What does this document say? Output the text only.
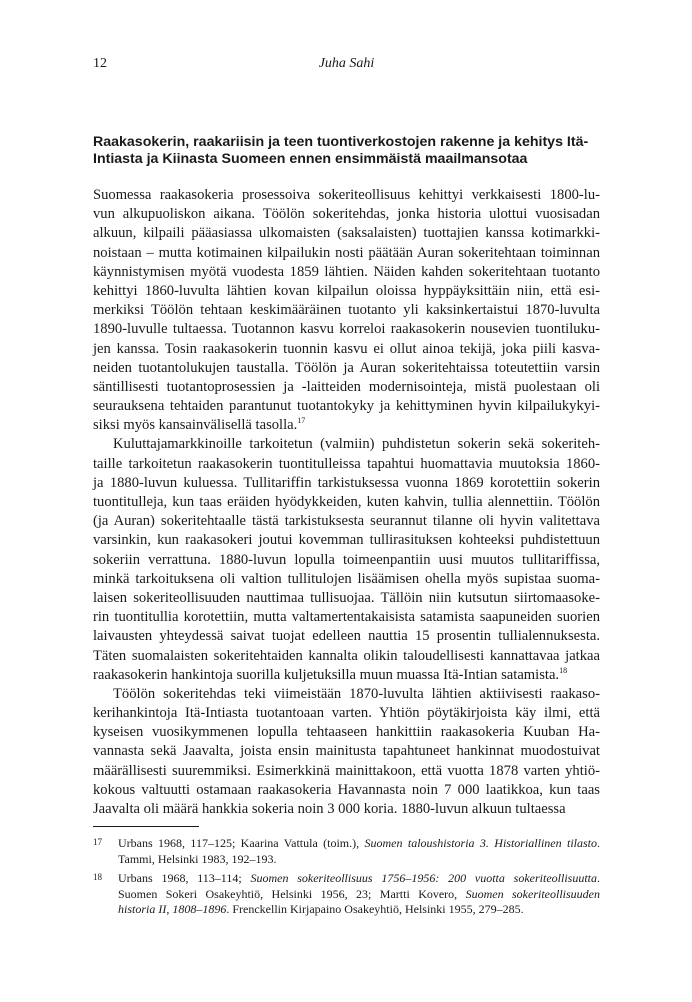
12	Juha Sahi
Raakasokerin, raakariisin ja teen tuontiverkostojen rakenne ja kehitys Itä-
Intiasta ja Kiinasta Suomeen ennen ensimmäistä maailmansotaa
Suomessa raakasokeria prosessoiva sokeriteollisuus kehittyi verkkaisesti 1800-lu-
vun alkupuoliskon aikana. Töölön sokeritehdas, jonka historia ulottui vuosisadan
alkuun, kilpaili pääasiassa ulkomaisten (saksalaisten) tuottajien kanssa kotimarkki-
noistaan – mutta kotimainen kilpailukin nosti päätään Auran sokeritehtaan toiminnan
käynnistymisen myötä vuodesta 1859 lähtien. Näiden kahden sokeritehtaan tuotanto
kehittyi 1860-luvulta lähtien kovan kilpailun oloissa hyppäyksittäin niin, että esi-
merkiksi Töölön tehtaan keskimääräinen tuotanto yli kaksinkertaistui 1870-luvulta
1890-luvulle tultaessa. Tuotannon kasvu korreloi raakasokerin nousevien tuontiluku-
jen kanssa. Tosin raakasokerin tuonnin kasvu ei ollut ainoa tekijä, joka piili kasva-
neiden tuotantolukujen taustalla. Töölön ja Auran sokeritehtaissa toteutettiin varsin
säntillisesti tuotantoprosessien ja -laitteiden modernisointeja, mistä puolestaan oli
seurauksena tehtaiden parantunut tuotantokyky ja kehittyminen hyvin kilpailukykyi-
siksi myös kansainvälisellä tasolla.$^{17}$
Kuluttajamarkkinoille tarkoitetun (valmiin) puhdistetun sokerin sekä sokeriteh-
taille tarkoitetun raakasokerin tuontitulleissa tapahtui huomattavia muutoksia 1860-
ja 1880-luvun kuluessa. Tullitariffin tarkistuksessa vuonna 1869 korotettiin sokerin
tuontitulleja, kun taas eräiden hyödykkeiden, kuten kahvin, tullia alennettiin. Töölön
(ja Auran) sokeritehtaalle tästä tarkistuksesta seurannut tilanne oli hyvin valitettava
varsinkin, kun raakasokeri joutui kovemman tullirasituksen kohteeksi puhdistettuun
sokeriin verrattuna. 1880-luvun lopulla toimeenpantiin uusi muutos tullitariffissa,
minkä tarkoituksena oli valtion tullitulojen lisäämisen ohella myös supistaa suoma-
laisen sokeriteollisuuden nauttimaa tullisuojaa. Tällöin niin kutsutun siirtomaasoke-
rin tuontitullia korotettiin, mutta valtamertentakaisista satamista saapuneiden suorien
laivausten yhteydessä saivat tuojat edelleen nauttia 15 prosentin tullialennuksesta.
Täten suomalaisten sokeritehtaiden kannalta olikin taloudellisesti kannattavaa jatkaa
raakasokerin hankintoja suorilla kuljetuksilla muun muassa Itä-Intian satamista.$^{18}$
Töölön sokeritehdas teki viimeistään 1870-luvulta lähtien aktiivisesti raakaso-
kerihankintoja Itä-Intiasta tuotantoaan varten. Yhtiön pöytäkirjoista käy ilmi, että
kyseisen vuosikymmenen lopulla tehtaaseen hankittiin raakasokeria Kuuban Ha-
vannasta sekä Jaavalta, joista ensin mainitusta tapahtuneet hankinnat muodostuivat
määrällisesti suuremmiksi. Esimerkkinä mainittakoon, että vuotta 1878 varten yhtiö-
kokous valtuutti ostamaan raakasokeria Havannasta noin 7 000 laatikkoa, kun taas
Jaavalta oli määrä hankkia sokeria noin 3 000 koria. 1880-luvun alkuun tultaessa
17 Urbans 1968, 117–125; Kaarina Vattula (toim.), Suomen taloushistoria 3. Historiallinen tilasto.
Tammi, Helsinki 1983, 192–193.
18 Urbans 1968, 113–114; Suomen sokeriteollisuus 1756–1956: 200 vuotta sokeriteollisuutta.
Suomen Sokeri Osakeyhtiö, Helsinki 1956, 23; Martti Kovero, Suomen sokeriteollisuuden
historia II, 1808–1896. Frenckellin Kirjapaino Osakeyhtiö, Helsinki 1955, 279–285.
